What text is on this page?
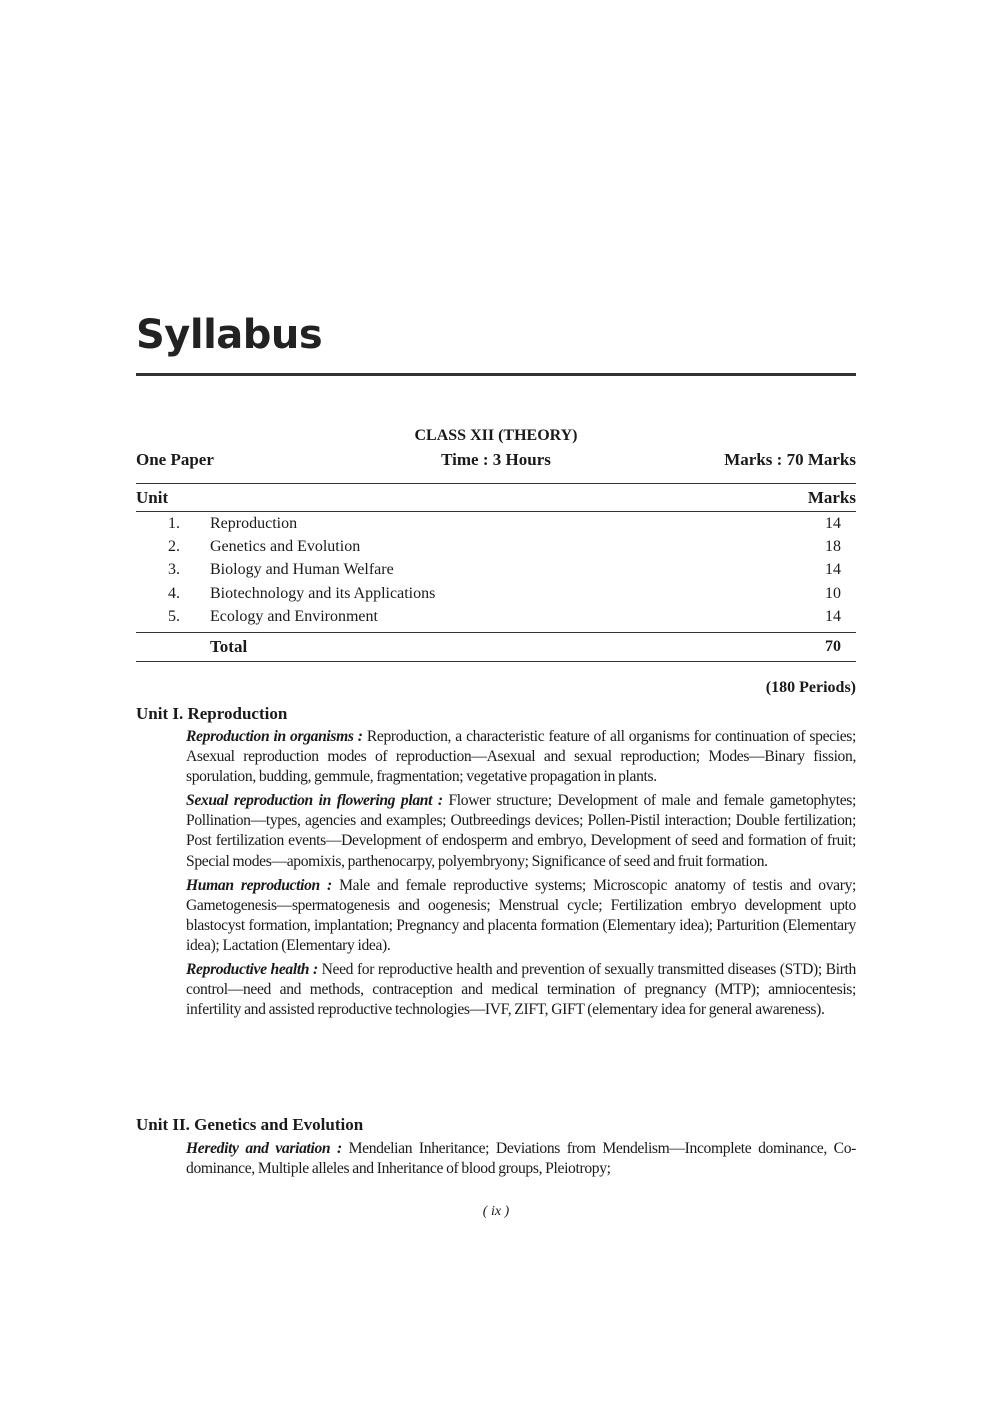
Syllabus
CLASS XII (THEORY)
One Paper	Time : 3 Hours	Marks : 70 Marks
Unit	Marks
1.	Reproduction	14
2.	Genetics and Evolution	18
3.	Biology and Human Welfare	14
4.	Biotechnology and its Applications	10
5.	Ecology and Environment	14
	Total	70
(180 Periods)
Unit I. Reproduction

Reproduction in organisms : Reproduction, a characteristic feature of all organisms for continuation of species; Asexual reproduction modes of reproduction—Asexual and sexual reproduction; Modes—Binary fission, sporulation, budding, gemmule, fragmentation; vegetative propagation in plants.

Sexual reproduction in flowering plant : Flower structure; Development of male and female gametophytes; Pollination—types, agencies and examples; Outbreedings devices; Pollen-Pistil interaction; Double fertilization; Post fertilization events—Development of endosperm and embryo, Development of seed and formation of fruit; Special modes—apomixis, parthenocarpy, polyembryony; Significance of seed and fruit formation.

Human reproduction : Male and female reproductive systems; Microscopic anatomy of testis and ovary; Gametogenesis—spermatogenesis and oogenesis; Menstrual cycle; Fertilization embryo development upto blastocyst formation, implantation; Pregnancy and placenta formation (Elementary idea); Parturition (Elementary idea); Lactation (Elementary idea).

Reproductive health : Need for reproductive health and prevention of sexually transmitted diseases (STD); Birth control—need and methods, contraception and medical termination of pregnancy (MTP); amniocentesis; infertility and assisted reproductive technologies—IVF, ZIFT, GIFT (elementary idea for general awareness).

Unit II. Genetics and Evolution

Heredity and variation : Mendelian Inheritance; Deviations from Mendelism—Incomplete dominance, Co-dominance, Multiple alleles and Inheritance of blood groups, Pleiotropy;

( ix )
